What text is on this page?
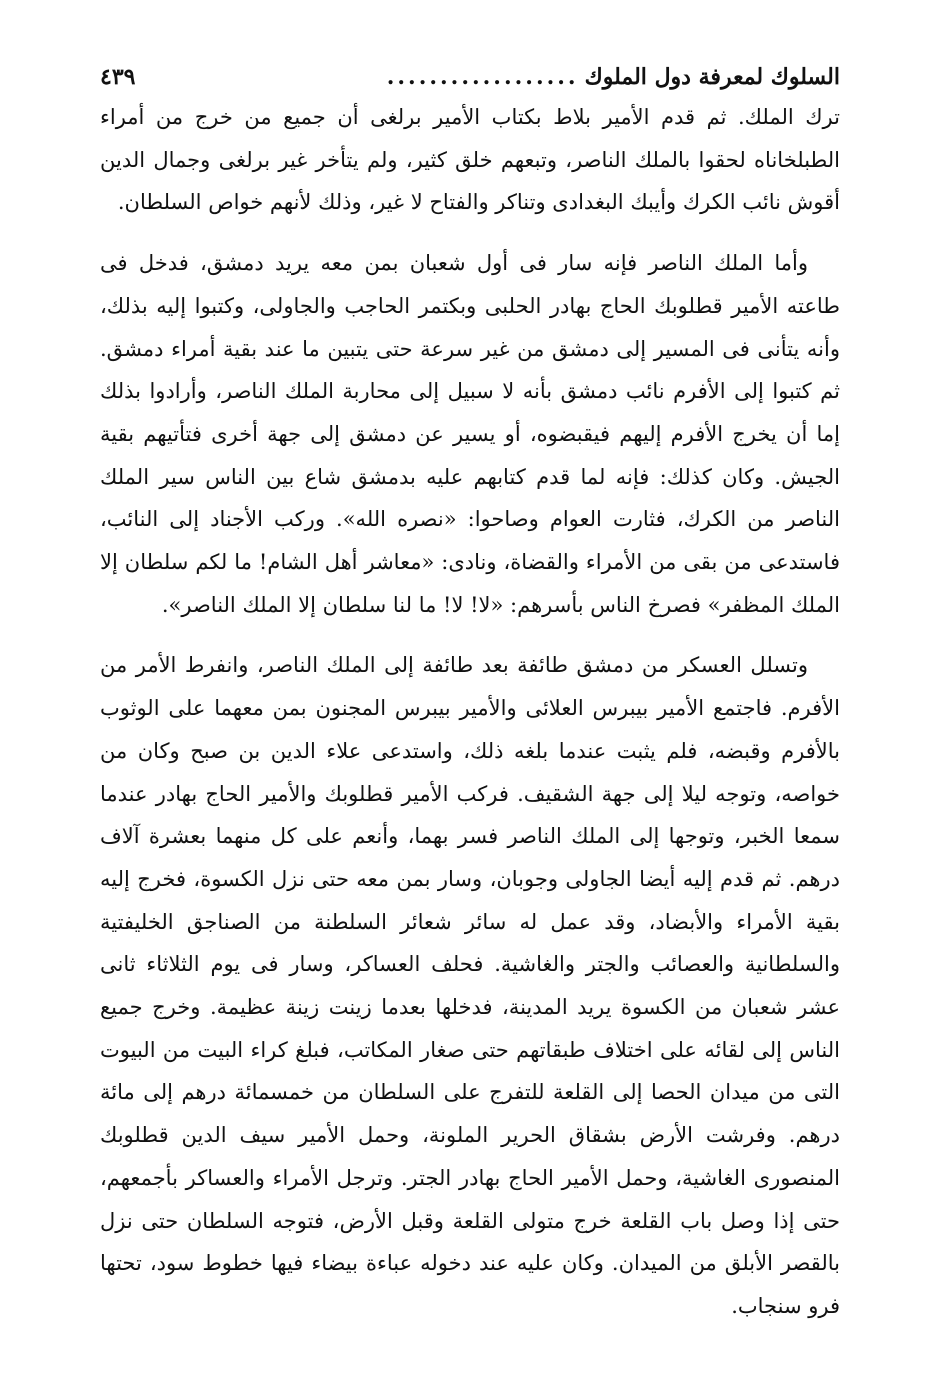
السلوك لمعرفة دول الملوك
..................
٤٣٩

ترك الملك. ثم قدم الأمير بلاط بكتاب الأمير برلغى أن جميع من خرج من أمراء الطبلخاناه لحقوا بالملك الناصر، وتبعهم خلق كثير، ولم يتأخر غير برلغى وجمال الدين أقوش نائب الكرك وأيبك البغدادى وتناكر والفتاح لا غير، وذلك لأنهم خواص السلطان.

وأما الملك الناصر فإنه سار فى أول شعبان بمن معه يريد دمشق، فدخل فى طاعته الأمير قطلوبك الحاج بهادر الحلبى وبكتمر الحاجب والجاولى، وكتبوا إليه بذلك، وأنه يتأنى فى المسير إلى دمشق من غير سرعة حتى يتبين ما عند بقية أمراء دمشق. ثم كتبوا إلى الأفرم نائب دمشق بأنه لا سبيل إلى محاربة الملك الناصر، وأرادوا بذلك إما أن يخرج الأفرم إليهم فيقبضوه، أو يسير عن دمشق إلى جهة أخرى فتأتيهم بقية الجيش. وكان كذلك: فإنه لما قدم كتابهم عليه بدمشق شاع بين الناس سير الملك الناصر من الكرك، فثارت العوام وصاحوا: «نصره الله». وركب الأجناد إلى النائب، فاستدعى من بقى من الأمراء والقضاة، ونادى: «معاشر أهل الشام! ما لكم سلطان إلا الملك المظفر» فصرخ الناس بأسرهم: «لا! لا! ما لنا سلطان إلا الملك الناصر».

وتسلل العسكر من دمشق طائفة بعد طائفة إلى الملك الناصر، وانفرط الأمر من الأفرم. فاجتمع الأمير بيبرس العلائى والأمير بيبرس المجنون بمن معهما على الوثوب بالأفرم وقبضه، فلم يثبت عندما بلغه ذلك، واستدعى علاء الدين بن صبح وكان من خواصه، وتوجه ليلا إلى جهة الشقيف. فركب الأمير قطلوبك والأمير الحاج بهادر عندما سمعا الخبر، وتوجها إلى الملك الناصر فسر بهما، وأنعم على كل منهما بعشرة آلاف درهم. ثم قدم إليه أيضا الجاولى وجوبان، وسار بمن معه حتى نزل الكسوة، فخرج إليه بقية الأمراء والأبضاد، وقد عمل له سائر شعائر السلطنة من الصناجق الخليفتية والسلطانية والعصائب والجتر والغاشية. فحلف العساكر، وسار فى يوم الثلاثاء ثانى عشر شعبان من الكسوة يريد المدينة، فدخلها بعدما زينت زينة عظيمة. وخرج جميع الناس إلى لقائه على اختلاف طبقاتهم حتى صغار المكاتب، فبلغ كراء البيت من البيوت التى من ميدان الحصا إلى القلعة للتفرج على السلطان من خمسمائة درهم إلى مائة درهم. وفرشت الأرض بشقاق الحرير الملونة، وحمل الأمير سيف الدين قطلوبك المنصورى الغاشية، وحمل الأمير الحاج بهادر الجتر. وترجل الأمراء والعساكر بأجمعهم، حتى إذا وصل باب القلعة خرج متولى القلعة وقبل الأرض، فتوجه السلطان حتى نزل بالقصر الأبلق من الميدان. وكان عليه عند دخوله عباءة بيضاء فيها خطوط سود، تحتها فرو سنجاب.
